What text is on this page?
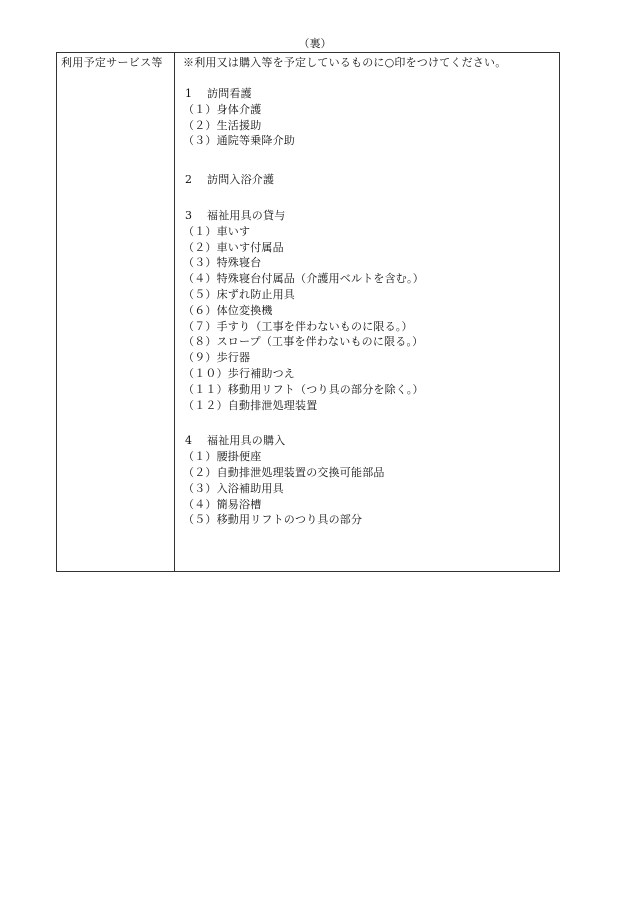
（裏）
利用予定サービス等	※利用又は購入等を予定しているものに○印をつけてください。
1 訪問看護
（１）身体介護
（２）生活援助
（３）通院等乗降介助
2 訪問入浴介護
3 福祉用具の貸与
（１）車いす
（２）車いす付属品
（３）特殊寝台
（４）特殊寝台付属品（介護用ベルトを含む。）
（５）床ずれ防止用具
（６）体位変換機
（７）手すり（工事を伴わないものに限る。）
（８）スロープ（工事を伴わないものに限る。）
（９）歩行器
（１０）歩行補助つえ
（１１）移動用リフト（つり具の部分を除く。）
（１２）自動排泄処理装置
4 福祉用具の購入
（１）腰掛便座
（２）自動排泄処理装置の交換可能部品
（３）入浴補助用具
（４）簡易浴槽
（５）移動用リフトのつり具の部分
